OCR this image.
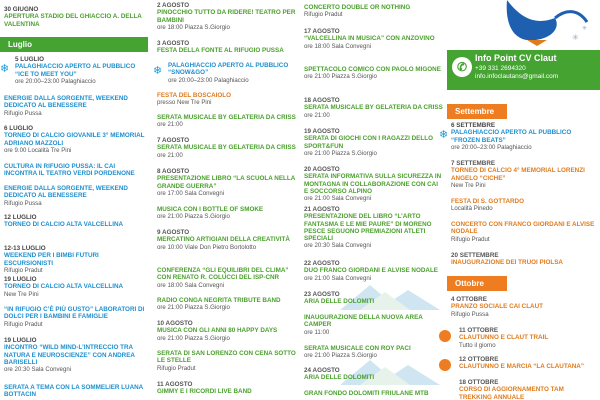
30 GIUGNO
APERTURA STADIO DEL GHIACCIO A. DELLA VALENTINA
Luglio
❄
5 LUGLIO
PALAGHIACCIO APERTO AL PUBBLICO “ICE TO MEET YOU”
ore 20:00–23:00 Palaghiaccio
ENERGIE DALLA SORGENTE, WEEKEND DEDICATO AL BENESSERE
Rifugio Pussa
6 LUGLIO
TORNEO DI CALCIO GIOVANILE 3° MEMORIAL ADRIANO MAZZOLI
ore 9.00 Località Tre Pini
CULTURA IN RIFUGIO PUSSA: IL CAI INCONTRA IL TEATRO VERDI PORDENONE
ENERGIE DALLA SORGENTE, WEEKEND DEDICATO AL BENESSERE
Rifugio Pussa
12 LUGLIO
TORNEO DI CALCIO ALTA VALCELLINA
12-13 LUGLIO
WEEKEND PER I BIMBI FUTURI ESCURSIONISTI
Rifugio Pradut
19 LUGLIO
TORNEO DI CALCIO ALTA VALCELLINA
New Tre Pini
“IN RIFUGIO C’È PIÙ GUSTO” LABORATORI DI DOLCI PER I BAMBINI E FAMIGLIE
Rifugio Pradut
19 LUGLIO
INCONTRO “WILD MIND-L’INTRECCIO TRA NATURA E NEUROSCIENZE” CON ANDREA BARISELLI
ore 20:30 Sala Convegni
SERATA A TEMA CON LA SOMMELIER LUANA BOTTACIN
2 AGOSTO
PINOCCHIO TUTTO DA RIDERE! TEATRO PER BAMBINI
ore 18:00 Piazza S.Giorgio
3 AGOSTO
FESTA DELLA FONTE AL RIFUGIO PUSSA
❄ PALAGHIACCIO APERTO AL PUBBLICO “SNOW&GO”
ore 20:00–23:00 Palaghiaccio
FESTA DEL BOSCAIOLO
presso New Tre Pini
SERATA MUSICALE BY GELATERIA DA CRISS
ore 21:00
7 AGOSTO
SERATA MUSICALE BY GELATERIA DA CRISS
ore 21:00
8 AGOSTO
PRESENTAZIONE LIBRO “LA SCUOLA NELLA GRANDE GUERRA”
ore 17:00 Sala Convegni
MUSICA CON I BOTTLE OF SMOKE
ore 21:00 Piazza S.Giorgio
9 AGOSTO
MERCATINO ARTIGIANI DELLA CREATIVITÀ
ore 10:00 Viale Don Pietro Bortolotto
CONFERENZA “GLI EQUILIBRI DEL CLIMA” CON RENATO R. COLUCCI DEL ISP-CNR
ore 18:00 Sala Convegni
RADIO CONGA NEGRITA TRIBUTE BAND
ore 21:00 Piazza S.Giorgio
10 AGOSTO
MUSICA CON GLI ANNI 80 HAPPY DAYS
ore 21:00 Piazza S.Giorgio
SERATA DI SAN LORENZO CON CENA SOTTO LE STELLE
Rifugio Pradut
11 AGOSTO
GIMMY E I RICORDI LIVE BAND
CONCERTO DOUBLE OR NOTHING
Rifugio Pradut
17 AGOSTO
“VALCELLINA IN MUSICA” CON ANZOVINO
ore 18:00 Sala Convegni
SPETTACOLO COMICO CON PAOLO MIGONE
ore 21:00 Piazza S.Giorgio
18 AGOSTO
SERATA MUSICALE BY GELATERIA DA CRISS
ore 21:00
19 AGOSTO
SERATA DI GIOCHI CON I RAGAZZI DELLO SPORT&FUN
ore 21:00 Piazza S.Giorgio
20 AGOSTO
SERATA INFORMATIVA SULLA SICUREZZA IN MONTAGNA IN COLLABORAZIONE CON CAI E SOCCORSO ALPINO
ore 21:00 Sala Convegni
21 AGOSTO
PRESENTAZIONE DEL LIBRO “L’ARTO FANTASMA E LE MIE PAURE” DI MORENO PESCE SEGUONO PREMIAZIONI ATLETI SPECIALI
ore 20:30 Sala Convegni
22 AGOSTO
DUO FRANCO GIORDANI E ALVISE NODALE
ore 21:00 Sala Convegni
23 AGOSTO
ARIA DELLE DOLOMITI
INAUGURAZIONE DELLA NUOVA AREA CAMPER
ore 11:00
SERATA MUSICALE CON ROY PACI
ore 21:00 Piazza S.Giorgio
24 AGOSTO
ARIA DELLE DOLOMITI
GRAN FONDO DOLOMITI FRIULANE MTB
✳
✳
✆
Info Point CV Claut
+39 331 2694320
info.infoclautans@gmail.com
Settembre
❄
6 SETTEMBRE
PALAGHIACCIO APERTO AL PUBBLICO “FROZEN BEATS”
ore 20:00–23:00 Palaghiaccio
7 SETTEMBRE
TORNEO DI CALCIO 4° MEMORIAL LORENZI ANGELO “CICHE”
New Tre Pini
FESTA DI S. GOTTARDO
Località Pinedo
CONCERTO CON FRANCO GIORDANI E ALVISE NODALE
Rifugio Pradut
20 SETTEMBRE
INAUGURAZIONE DEI TRUOI PIOLSA
Ottobre
4 OTTOBRE
PRANZO SOCIALE CAI CLAUT
Rifugio Pussa
11 OTTOBRE
CLAUTUNNO E CLAUT TRAIL
Tutto il giorno
12 OTTOBRE
CLAUTUNNO E MARCIA “LA CLAUTANA”
18 OTTOBRE
CORSO DI AGGIORNAMENTO TAM TREKKING ANNUALE
